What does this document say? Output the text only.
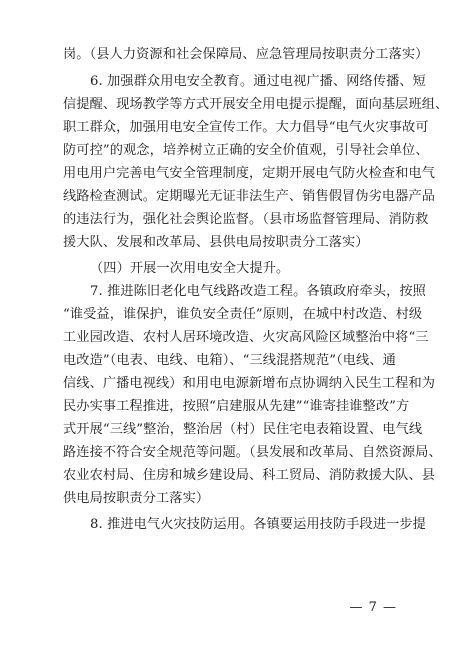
岗。（县人力资源和社会保障局、应急管理局按职责分工落实）
6. 加强群众用电安全教育。通过电视广播、网络传播、短
信提醒、现场教学等方式开展安全用电提示提醒，面向基层班组、
职工群众，加强用电安全宣传工作。大力倡导“电气火灾事故可
防可控”的观念，培养树立正确的安全价值观，引导社会单位、
用电用户完善电气安全管理制度，定期开展电气防火检查和电气
线路检查测试。定期曝光无证非法生产、销售假冒伪劣电器产品
的违法行为，强化社会舆论监督。（县市场监督管理局、消防救
援大队、发展和改革局、县供电局按职责分工落实）
（四）开展一次用电安全大提升。
7. 推进陈旧老化电气线路改造工程。各镇政府牵头，按照
“谁受益，谁保护，谁负安全责任”原则，在城中村改造、村级
工业园改造、农村人居环境改造、火灾高风险区域整治中将“三
电改造”（电表、电线、电箱）、“三线混搭规范”（电线、通
信线、广播电视线）和用电电源新增布点协调纳入民生工程和为
民办实事工程推进，按照“启建服从先建”“谁寄挂谁整改”方
式开展“三线”整治，整治居（村）民住宅电表箱设置、电气线
路连接不符合安全规范等问题。（县发展和改革局、自然资源局、
农业农村局、住房和城乡建设局、科工贸局、消防救援大队、县
供电局按职责分工落实）
8. 推进电气火灾技防运用。各镇要运用技防手段进一步提
— 7 —
